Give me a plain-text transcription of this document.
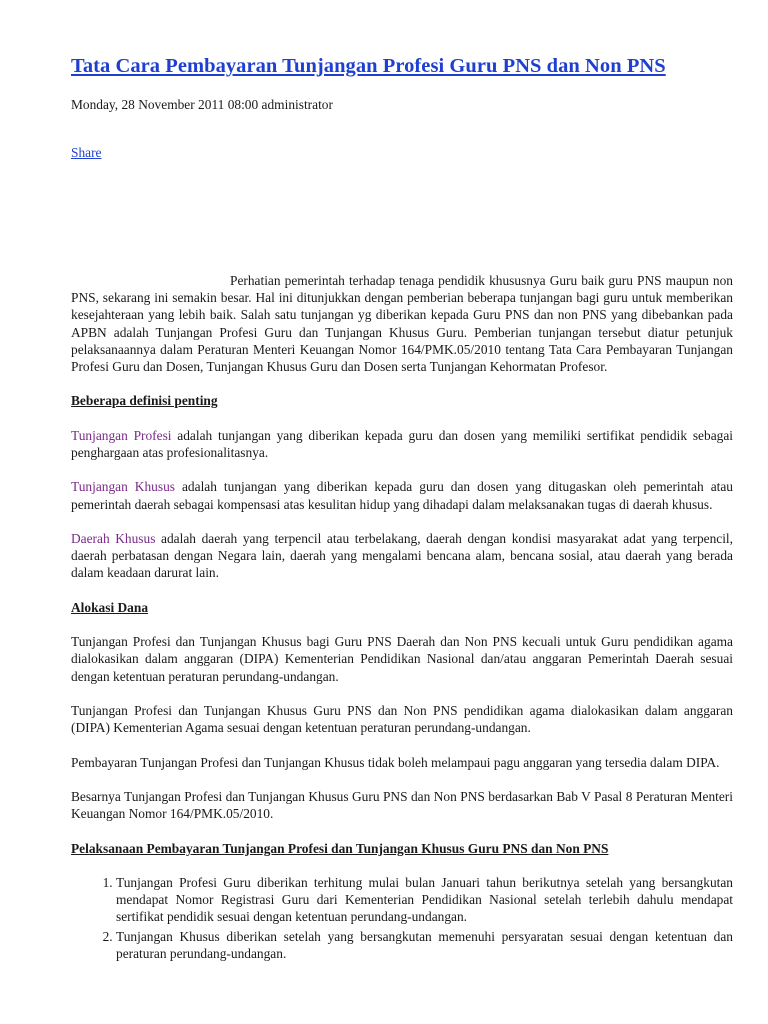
Tata Cara Pembayaran Tunjangan Profesi Guru PNS dan Non PNS
Monday, 28 November 2011 08:00 administrator
Share

Perhatian pemerintah terhadap tenaga pendidik khususnya Guru baik guru PNS maupun non PNS, sekarang ini semakin besar. Hal ini ditunjukkan dengan pemberian beberapa tunjangan bagi guru untuk memberikan kesejahteraan yang lebih baik. Salah satu tunjangan yg diberikan kepada Guru PNS dan non PNS yang dibebankan pada APBN adalah Tunjangan Profesi Guru dan Tunjangan Khusus Guru. Pemberian tunjangan tersebut diatur petunjuk pelaksanaannya dalam Peraturan Menteri Keuangan Nomor 164/PMK.05/2010 tentang Tata Cara Pembayaran Tunjangan Profesi Guru dan Dosen, Tunjangan Khusus Guru dan Dosen serta Tunjangan Kehormatan Profesor.

Beberapa definisi penting

Tunjangan Profesi adalah tunjangan yang diberikan kepada guru dan dosen yang memiliki sertifikat pendidik sebagai penghargaan atas profesionalitasnya.

Tunjangan Khusus adalah tunjangan yang diberikan kepada guru dan dosen yang ditugaskan oleh pemerintah atau pemerintah daerah sebagai kompensasi atas kesulitan hidup yang dihadapi dalam melaksanakan tugas di daerah khusus.

Daerah Khusus adalah daerah yang terpencil atau terbelakang, daerah dengan kondisi masyarakat adat yang terpencil, daerah perbatasan dengan Negara lain, daerah yang mengalami bencana alam, bencana sosial, atau daerah yang berada dalam keadaan darurat lain.

Alokasi Dana

Tunjangan Profesi dan Tunjangan Khusus bagi Guru PNS Daerah dan Non PNS kecuali untuk Guru pendidikan agama dialokasikan dalam anggaran (DIPA) Kementerian Pendidikan Nasional dan/atau anggaran Pemerintah Daerah sesuai dengan ketentuan peraturan perundang-undangan.

Tunjangan Profesi dan Tunjangan Khusus Guru PNS dan Non PNS pendidikan agama dialokasikan dalam anggaran (DIPA) Kementerian Agama sesuai dengan ketentuan peraturan perundang-undangan.

Pembayaran Tunjangan Profesi dan Tunjangan Khusus tidak boleh melampaui pagu anggaran yang tersedia dalam DIPA.

Besarnya Tunjangan Profesi dan Tunjangan Khusus Guru PNS dan Non PNS berdasarkan Bab V Pasal 8 Peraturan Menteri Keuangan Nomor 164/PMK.05/2010.

Pelaksanaan Pembayaran Tunjangan Profesi dan Tunjangan Khusus Guru PNS dan Non PNS

1. Tunjangan Profesi Guru diberikan terhitung mulai bulan Januari tahun berikutnya setelah yang bersangkutan mendapat Nomor Registrasi Guru dari Kementerian Pendidikan Nasional setelah terlebih dahulu mendapat sertifikat pendidik sesuai dengan ketentuan perundang-undangan.
2. Tunjangan Khusus diberikan setelah yang bersangkutan memenuhi persyaratan sesuai dengan ketentuan dan peraturan perundang-undangan.
